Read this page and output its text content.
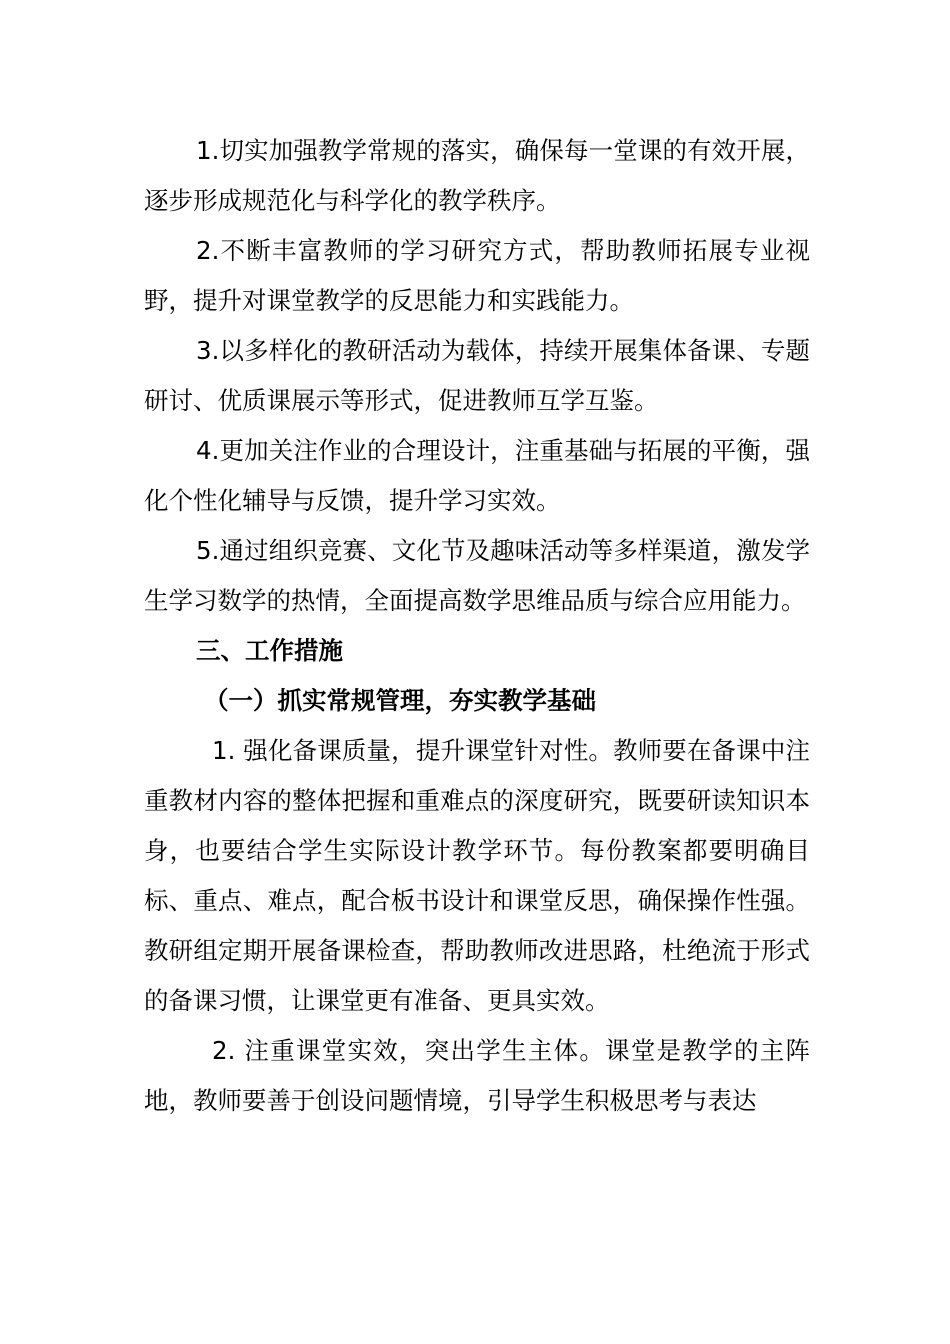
1.切实加强教学常规的落实，确保每一堂课的有效开展，逐步形成规范化与科学化的教学秩序。

2.不断丰富教师的学习研究方式，帮助教师拓展专业视野，提升对课堂教学的反思能力和实践能力。

3.以多样化的教研活动为载体，持续开展集体备课、专题研讨、优质课展示等形式，促进教师互学互鉴。

4.更加关注作业的合理设计，注重基础与拓展的平衡，强化个性化辅导与反馈，提升学习实效。

5.通过组织竞赛、文化节及趣味活动等多样渠道，激发学生学习数学的热情，全面提高数学思维品质与综合应用能力。

三、工作措施

（一）抓实常规管理，夯实教学基础

1. 强化备课质量，提升课堂针对性。教师要在备课中注重教材内容的整体把握和重难点的深度研究，既要研读知识本身，也要结合学生实际设计教学环节。每份教案都要明确目标、重点、难点，配合板书设计和课堂反思，确保操作性强。教研组定期开展备课检查，帮助教师改进思路，杜绝流于形式的备课习惯，让课堂更有准备、更具实效。

2. 注重课堂实效，突出学生主体。课堂是教学的主阵地，教师要善于创设问题情境，引导学生积极思考与表达
